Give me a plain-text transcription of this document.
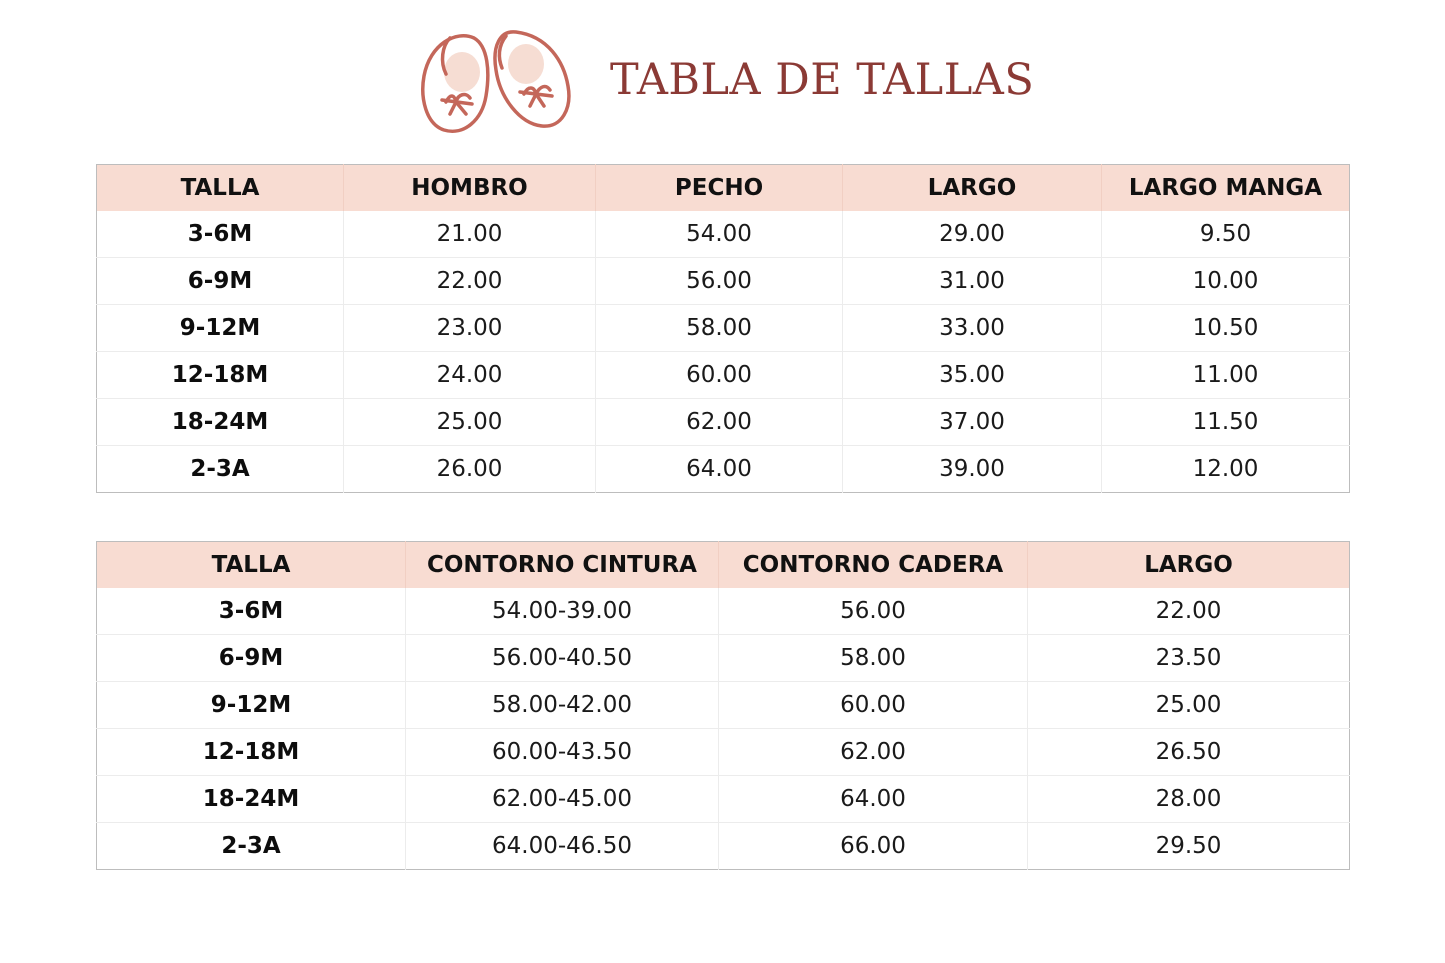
TABLA DE TALLAS
TALLA	HOMBRO	PECHO	LARGO	LARGO MANGA
3-6M	21.00	54.00	29.00	9.50
6-9M	22.00	56.00	31.00	10.00
9-12M	23.00	58.00	33.00	10.50
12-18M	24.00	60.00	35.00	11.00
18-24M	25.00	62.00	37.00	11.50
2-3A	26.00	64.00	39.00	12.00
TALLA	CONTORNO CINTURA	CONTORNO CADERA	LARGO
3-6M	54.00-39.00	56.00	22.00
6-9M	56.00-40.50	58.00	23.50
9-12M	58.00-42.00	60.00	25.00
12-18M	60.00-43.50	62.00	26.50
18-24M	62.00-45.00	64.00	28.00
2-3A	64.00-46.50	66.00	29.50
